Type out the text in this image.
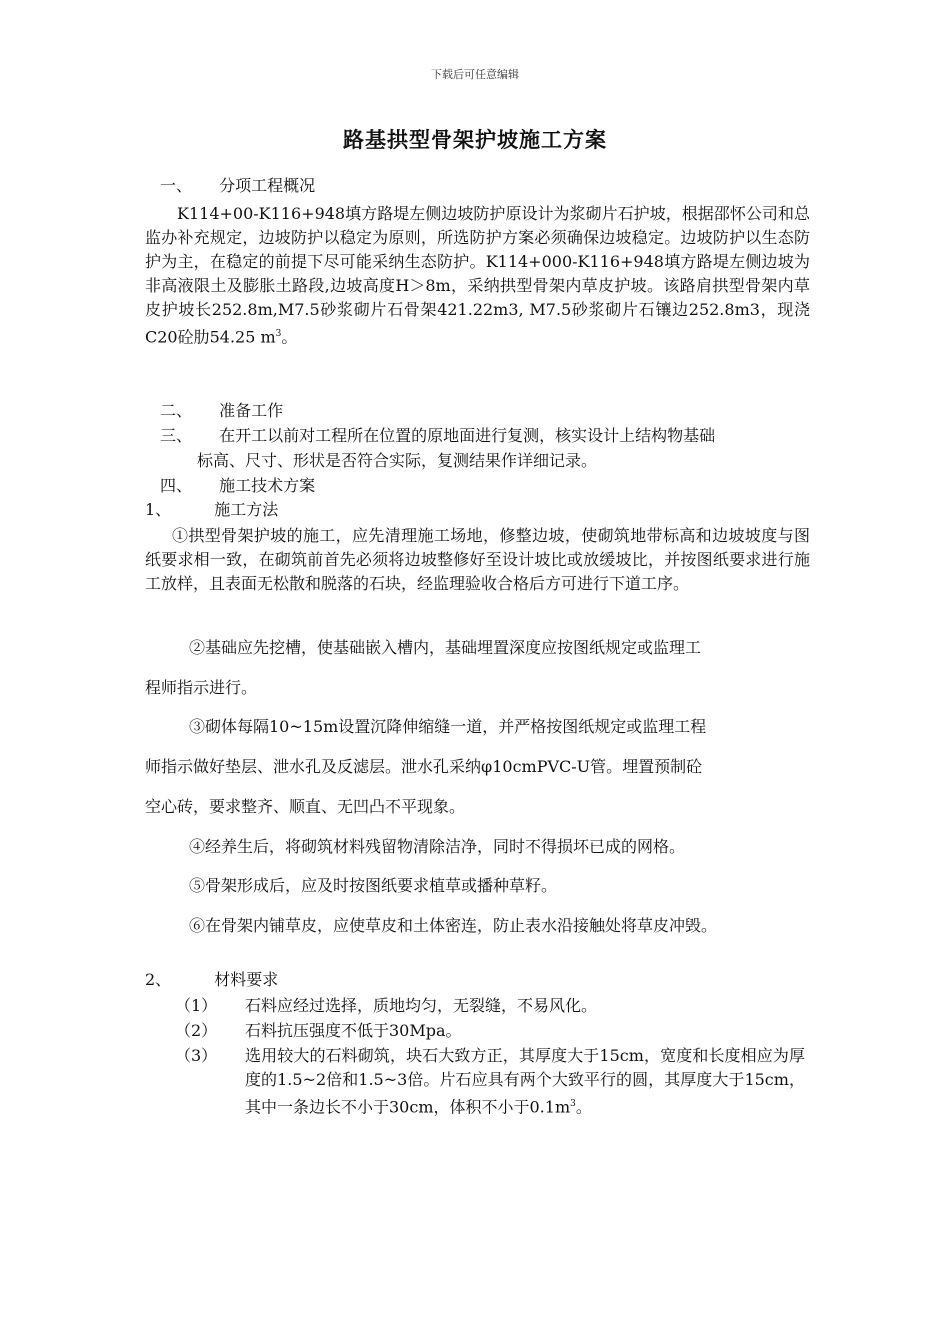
下载后可任意编辑
路基拱型骨架护坡施工方案
一、 分项工程概况
K114+00-K116+948填方路堤左侧边坡防护原设计为浆砌片石护坡，根据邵怀公司和总监办补充规定，边坡防护以稳定为原则，所选防护方案必须确保边坡稳定。边坡防护以生态防护为主，在稳定的前提下尽可能采纳生态防护。K114+000-K116+948填方路堤左侧边坡为非高液限土及膨胀土路段,边坡高度H＞8m，采纳拱型骨架内草皮护坡。该路肩拱型骨架内草皮护坡长252.8m,M7.5砂浆砌片石骨架421.22m3, M7.5砂浆砌片石镶边252.8m3，现浇C20砼肋54.25 $m^3$。
二、 准备工作
三、 在开工以前对工程所在位置的原地面进行复测，核实设计上结构物基础
标高、尺寸、形状是否符合实际，复测结果作详细记录。
四、 施工技术方案
1、	施工方法
①拱型骨架护坡的施工，应先清理施工场地，修整边坡，使砌筑地带标高和边坡坡度与图纸要求相一致，在砌筑前首先必须将边坡整修好至设计坡比或放缓坡比，并按图纸要求进行施工放样，且表面无松散和脱落的石块，经监理验收合格后方可进行下道工序。
②基础应先挖槽，使基础嵌入槽内，基础埋置深度应按图纸规定或监理工
程师指示进行。
③砌体每隔10~15m设置沉降伸缩缝一道，并严格按图纸规定或监理工程
师指示做好垫层、泄水孔及反滤层。泄水孔采纳φ10cmPVC-U管。埋置预制砼
空心砖，要求整齐、顺直、无凹凸不平现象。
④经养生后，将砌筑材料残留物清除洁净，同时不得损坏已成的网格。
⑤骨架形成后，应及时按图纸要求植草或播种草籽。
⑥在骨架内铺草皮，应使草皮和土体密连，防止表水沿接触处将草皮冲毁。
2、	材料要求
（1） 石料应经过选择，质地均匀，无裂缝，不易风化。
（2） 石料抗压强度不低于30Mpa。
（3） 选用较大的石料砌筑，块石大致方正，其厚度大于15cm，宽度和长度相应为厚度的1.5~2倍和1.5~3倍。片石应具有两个大致平行的圆，其厚度大于15cm，其中一条边长不小于30cm，体积不小于$0.1m^3$。
